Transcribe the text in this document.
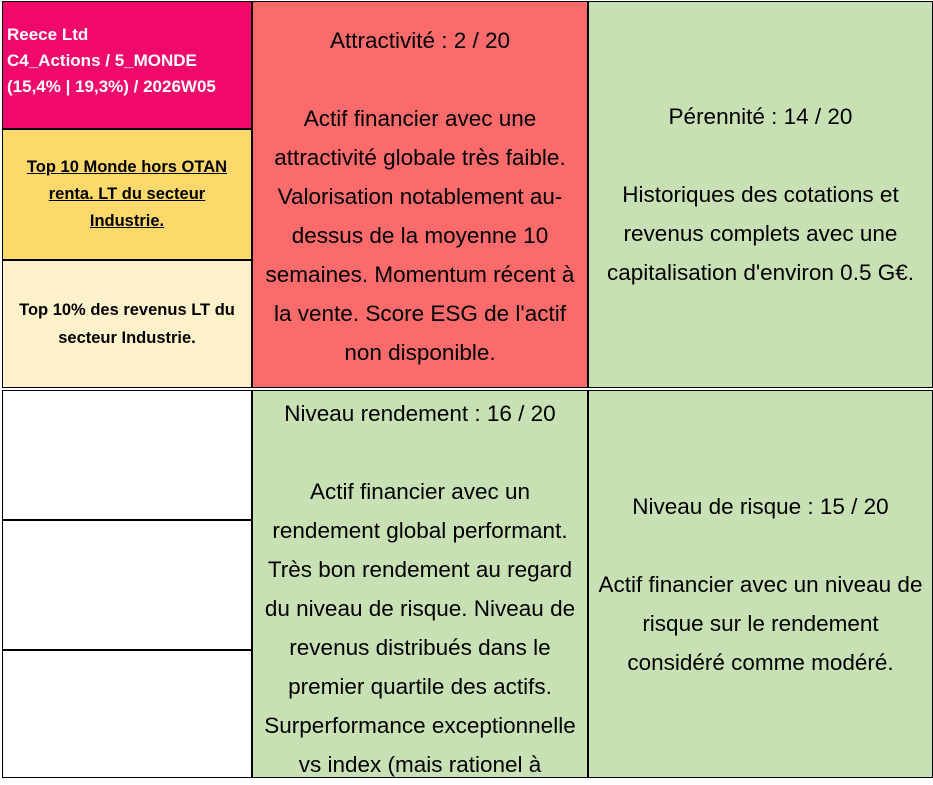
Reece Ltd
C4_Actions / 5_MONDE
(15,4% | 19,3%) / 2026W05
Top 10 Monde hors OTAN
renta. LT du secteur
Industrie.
Top 10% des revenus LT du
secteur Industrie.
Attractivité : 2 / 20
Actif financier avec une
attractivité globale très faible.
Valorisation notablement au-
dessus de la moyenne 10
semaines. Momentum récent à
la vente. Score ESG de l'actif
non disponible.
Pérennité : 14 / 20
Historiques des cotations et
revenus complets avec une
capitalisation d'environ 0.5 G€.
Niveau rendement : 16 / 20
Actif financier avec un
rendement global performant.
Très bon rendement au regard
du niveau de risque. Niveau de
revenus distribués dans le
premier quartile des actifs.
Surperformance exceptionnelle
vs index (mais rationel à
Niveau de risque : 15 / 20
Actif financier avec un niveau de
risque sur le rendement
considéré comme modéré.
